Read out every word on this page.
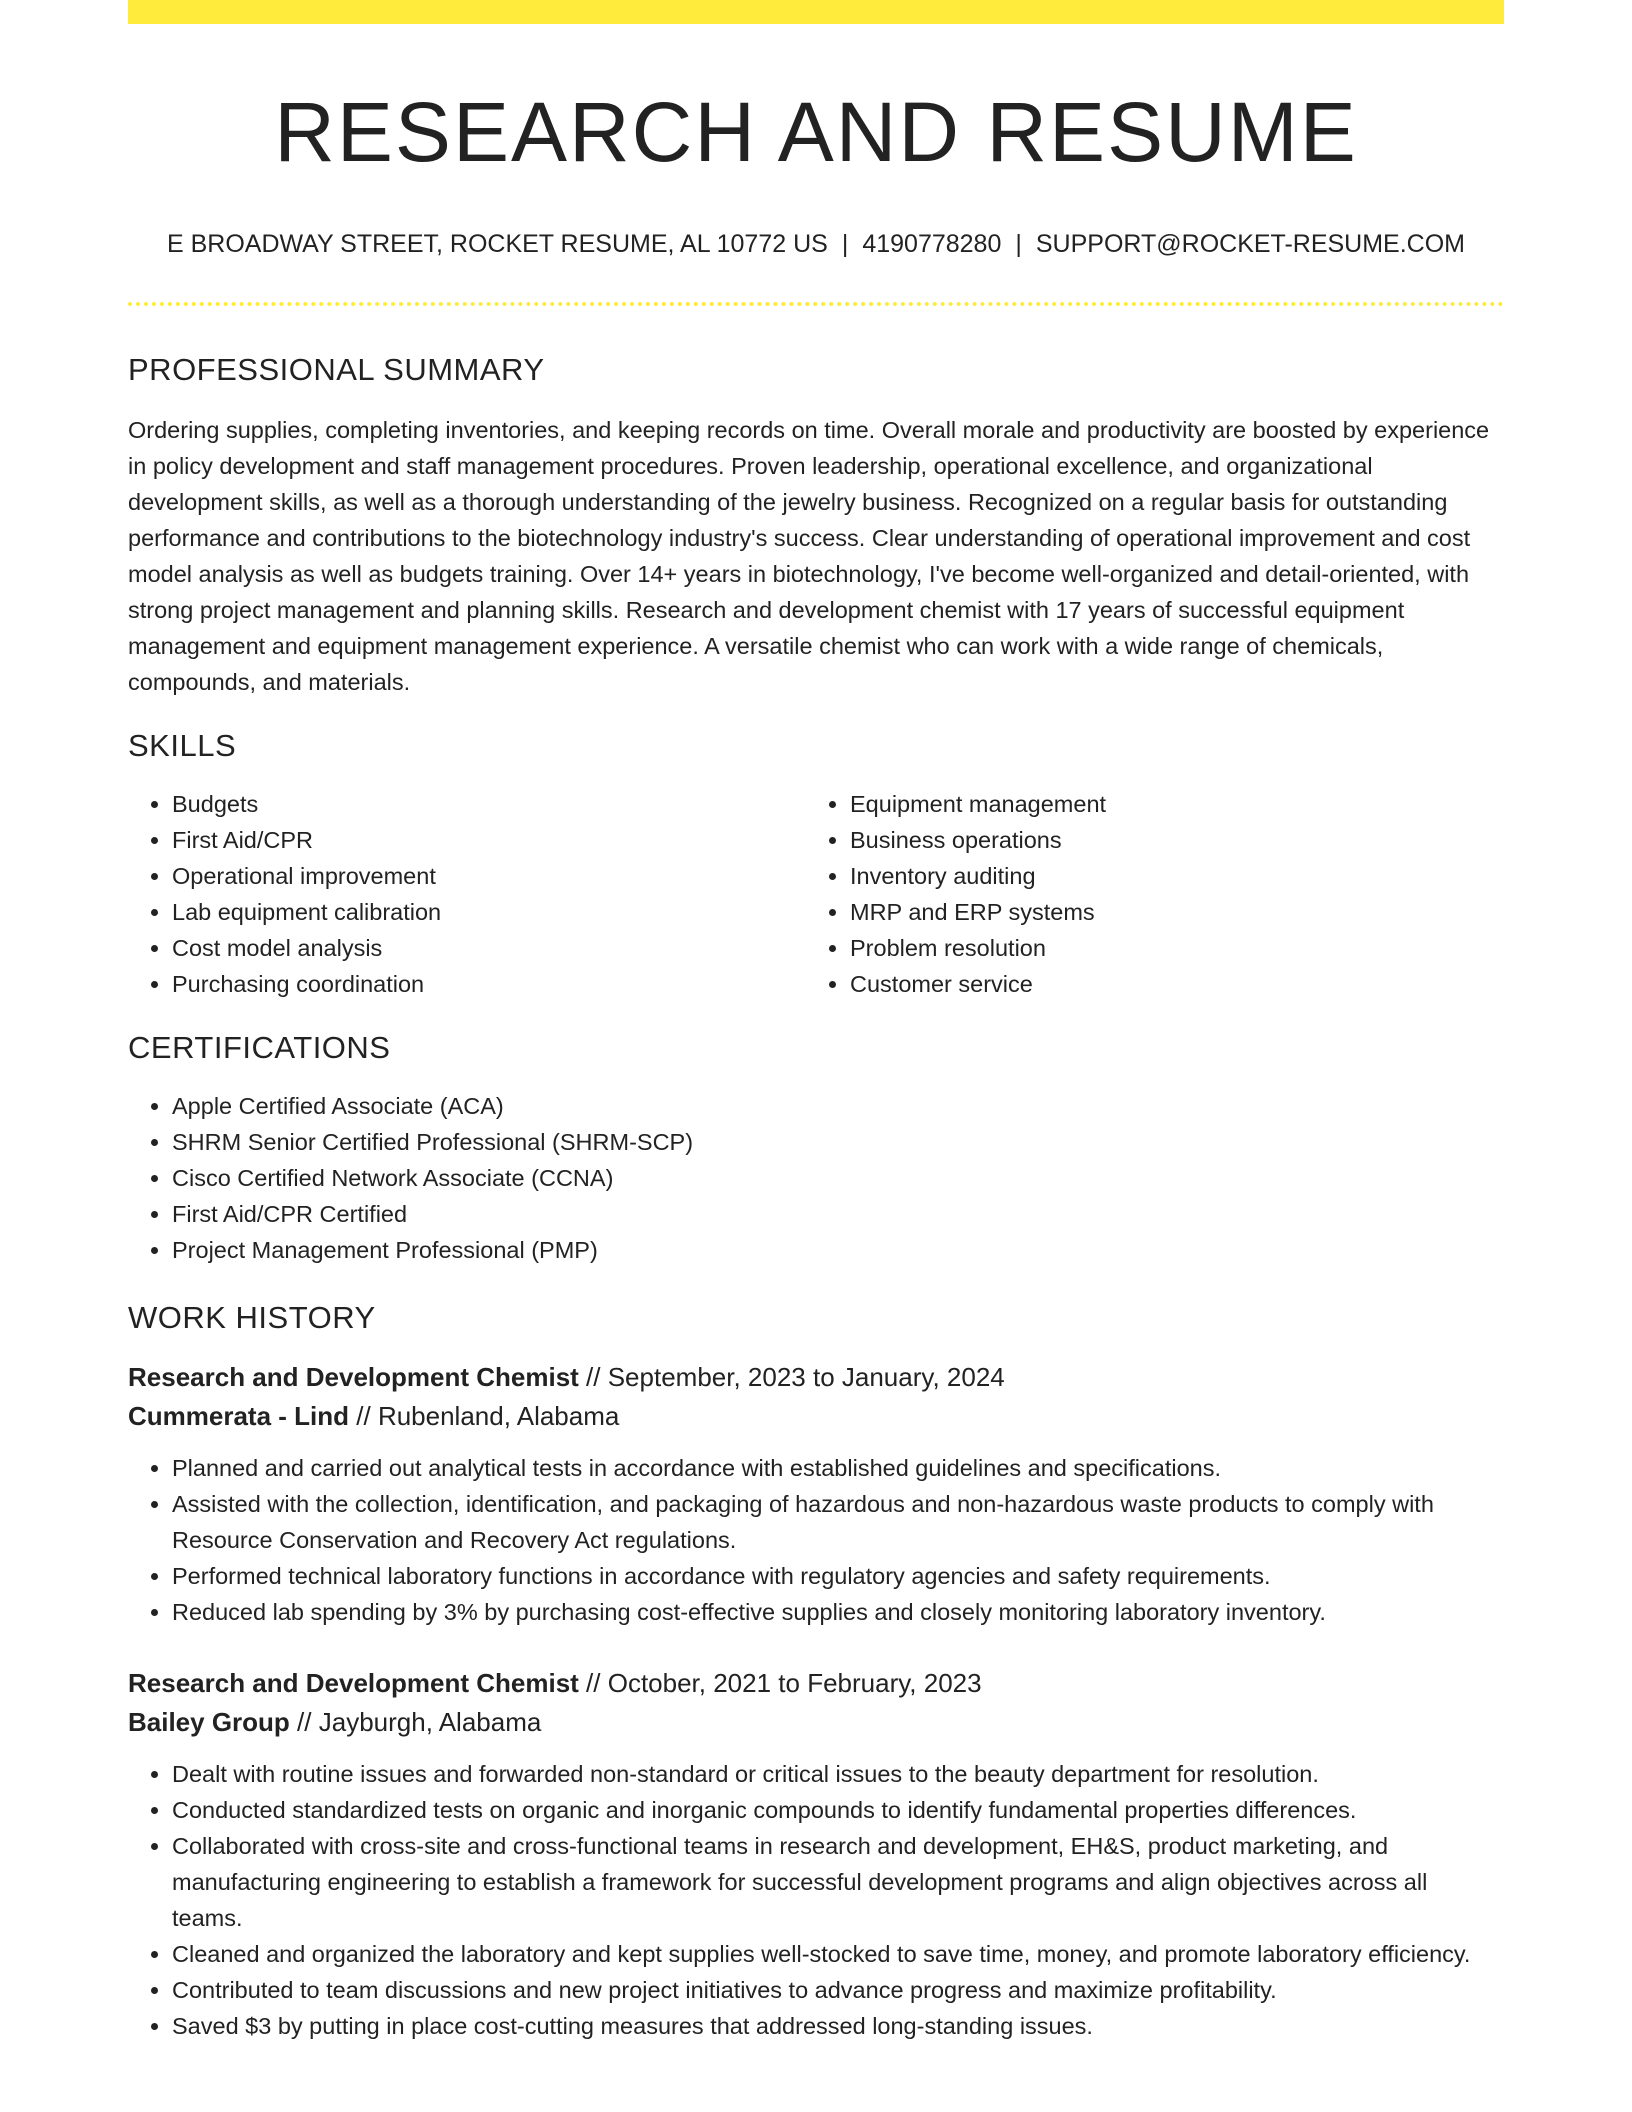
RESEARCH AND RESUME
E BROADWAY STREET, ROCKET RESUME, AL 10772 US | 4190778280 | SUPPORT@ROCKET-RESUME.COM
PROFESSIONAL SUMMARY

Ordering supplies, completing inventories, and keeping records on time. Overall morale and productivity are boosted by experience in policy development and staff management procedures. Proven leadership, operational excellence, and organizational development skills, as well as a thorough understanding of the jewelry business. Recognized on a regular basis for outstanding performance and contributions to the biotechnology industry's success. Clear understanding of operational improvement and cost model analysis as well as budgets training. Over 14+ years in biotechnology, I've become well-organized and detail-oriented, with strong project management and planning skills. Research and development chemist with 17 years of successful equipment management and equipment management experience. A versatile chemist who can work with a wide range of chemicals, compounds, and materials.

SKILLS
• Budgets
• First Aid/CPR
• Operational improvement
• Lab equipment calibration
• Cost model analysis
• Purchasing coordination
• Equipment management
• Business operations
• Inventory auditing
• MRP and ERP systems
• Problem resolution
• Customer service
CERTIFICATIONS
• Apple Certified Associate (ACA)
• SHRM Senior Certified Professional (SHRM-SCP)
• Cisco Certified Network Associate (CCNA)
• First Aid/CPR Certified
• Project Management Professional (PMP)
WORK HISTORY
Research and Development Chemist // September, 2023 to January, 2024
Cummerata - Lind // Rubenland, Alabama
• Planned and carried out analytical tests in accordance with established guidelines and specifications.
• Assisted with the collection, identification, and packaging of hazardous and non-hazardous waste products to comply with Resource Conservation and Recovery Act regulations.
• Performed technical laboratory functions in accordance with regulatory agencies and safety requirements.
• Reduced lab spending by 3% by purchasing cost-effective supplies and closely monitoring laboratory inventory.
Research and Development Chemist // October, 2021 to February, 2023
Bailey Group // Jayburgh, Alabama
• Dealt with routine issues and forwarded non-standard or critical issues to the beauty department for resolution.
• Conducted standardized tests on organic and inorganic compounds to identify fundamental properties differences.
• Collaborated with cross-site and cross-functional teams in research and development, EH&S, product marketing, and manufacturing engineering to establish a framework for successful development programs and align objectives across all teams.
• Cleaned and organized the laboratory and kept supplies well-stocked to save time, money, and promote laboratory efficiency.
• Contributed to team discussions and new project initiatives to advance progress and maximize profitability.
• Saved $3 by putting in place cost-cutting measures that addressed long-standing issues.
